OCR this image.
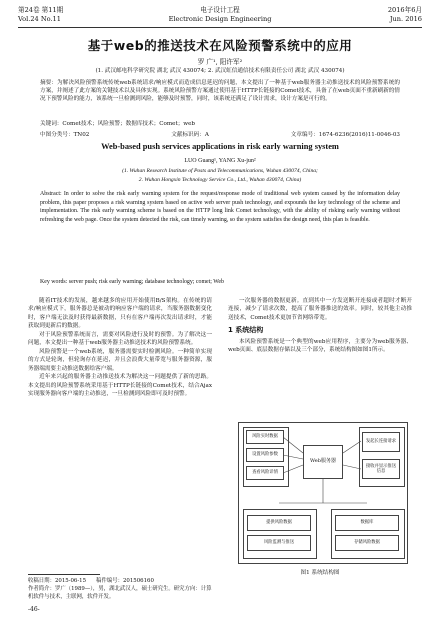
第24卷 第11期
Vol.24 No.11
电子设计工程
Electronic Design Engineering
2016年6月
Jun. 2016
基于web的推送技术在风险预警系统中的应用
罗 广¹, 阳许军²
(1. 武汉邮电科学研究院 湖北 武汉 430074; 2. 武汉虹信通信技术有限责任公司 湖北 武汉 430074)
摘要：为解决风险预警系统传统web系统请求/响应模式而造成信息延迟的问题，本文提出了一种基于web服务器主动推送技术的风险预警系统的方案，并阐述了此方案的关键技术以及具体实现。系统风险预警方案通过使用基于HTTP长链接的Comet技术，具备了在web页面不重新刷新的情况下预警风险的能力，该系统一旦检测到风险，能够及时预警，同时，该系统还满足了设计需求，设计方案是可行的。
关键词：Comet技术；风险预警；数据库技术；Comet；web
中图分类号：TN02	文献标识码：A	文章编号：1674-6236(2016)11-0046-03
Web-based push services applications in risk early warning system
LUO Guang¹, YANG Xu-jun²
(1. Wuhan Research Institute of Posts and Telecommunications, Wuhan 430074, China;
2. Wuhan Hongxin Technology Service Co., Ltd., Wuhan 430074, China)
Abstract: In order to solve the risk early warning system for the request/response mode of traditional web system caused by the information delay problem, this paper proposes a risk warning system based on active web server push technology, and expounds the key technology of the scheme and implementation. The risk early warning scheme is based on the HTTP long link Comet technology, with the ability of risking early warning without refreshing the web page. Once the system detected the risk, can timely warning, so the system satisfies the design need, this plan is feasible.
Key words: server push; risk early warning; database technology; comet; Web

随着IT技术的发展，越来越多的应用开始使用B/S架构。在传统的请求/响应模式下，服务器总是被动的响应客户端的请求，当服务器数据变化时，客户端无法及时获得最新数据，只有在客户端再次发出请求时，才能获取到更新后的数据。

对于风险预警系统而言，需要对风险进行及时的预警。为了解决这一问题，本文提出一种基于web服务器主动推送技术的风险预警系统。

风险预警是一个web系统，服务器需要实时检测风险。一种简单实现的方式是轮询，但轮询存在延迟，并且会浪费大量带宽与服务器资源，服务器端需要主动推送数据给客户端。

近年来兴起的服务器主动推送技术为解决这一问题提供了新的思路。本文提出的风险预警系统采用基于HTTP长链接的Comet技术，结合Ajax实现服务器向客户端的主动推送，一旦检测到风险即可及时预警。

一次服务器的数据更新。直到其中一方发送断开连接或者超时才断开连接，减少了请求次数，提高了服务器推送的效率。同时，较其他主动推送技术，Comet技术更加节省网络带宽。

1 系统结构

本风险预警系统是一个典型的web应用程序，主要分为web服务器、web页面、底层数据存储以及三个部分，系统结构图如图1所示。

风险实时数据
设置风险参数
查看风险详情
Web服务器
发起长连接请求
接收并显示推送信息
提供风险数据
风险监测与推送
数据库
存储风险数据
图1 系统结构图
收稿日期：2015-06-15 稿件编号：201506160
作者简介：罗广（1989—），男，湖北武汉人，硕士研究生。研究方向：计算机软件与技术，主联网，软件开发。
-46-
